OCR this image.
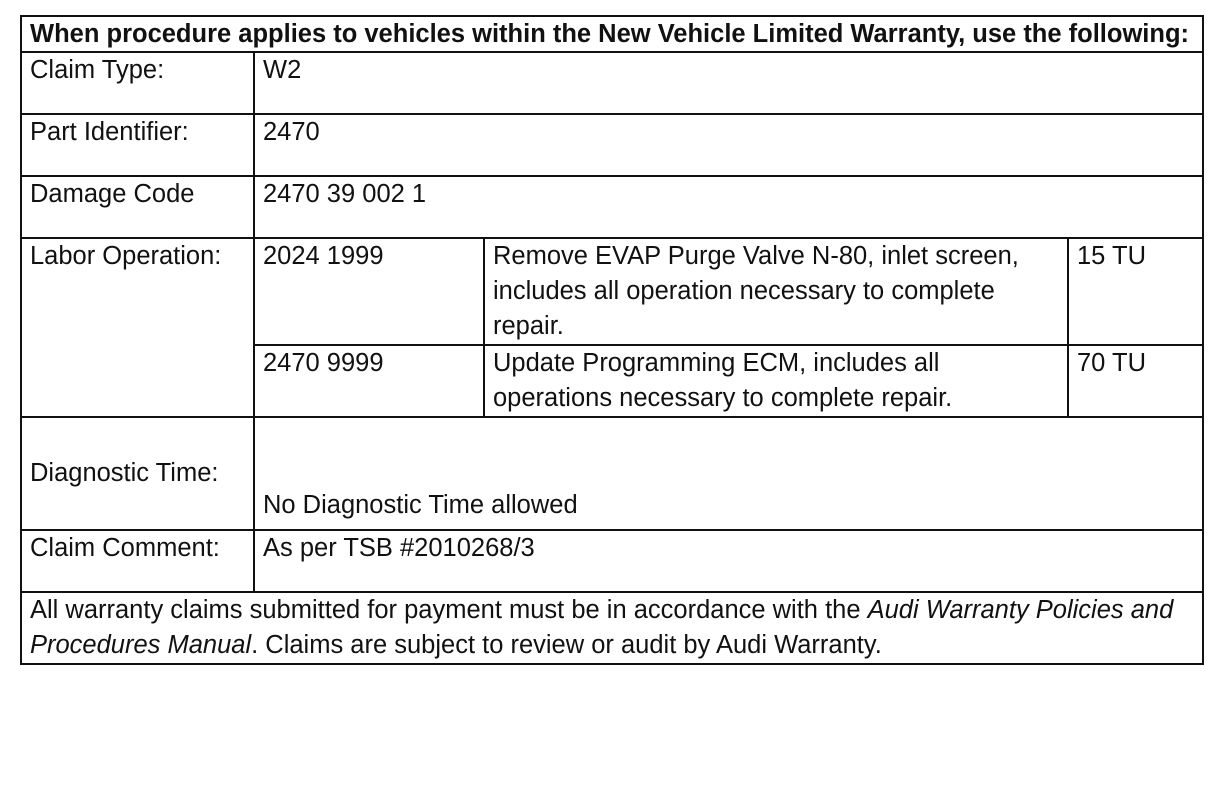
When procedure applies to vehicles within the New Vehicle Limited Warranty, use the following:			
Claim Type:	W2		
Part Identifier:	2470		
Damage Code	2470 39 002 1		
Labor Operation:	2024 1999	Remove EVAP Purge Valve N-80, inlet screen, includes all operation necessary to complete repair.	15 TU
	2470 9999	Update Programming ECM, includes all operations necessary to complete repair.	70 TU
Diagnostic Time:	No Diagnostic Time allowed		
Claim Comment:	As per TSB #2010268/3		
All warranty claims submitted for payment must be in accordance with the Audi Warranty Policies and Procedures Manual. Claims are subject to review or audit by Audi Warranty.			
